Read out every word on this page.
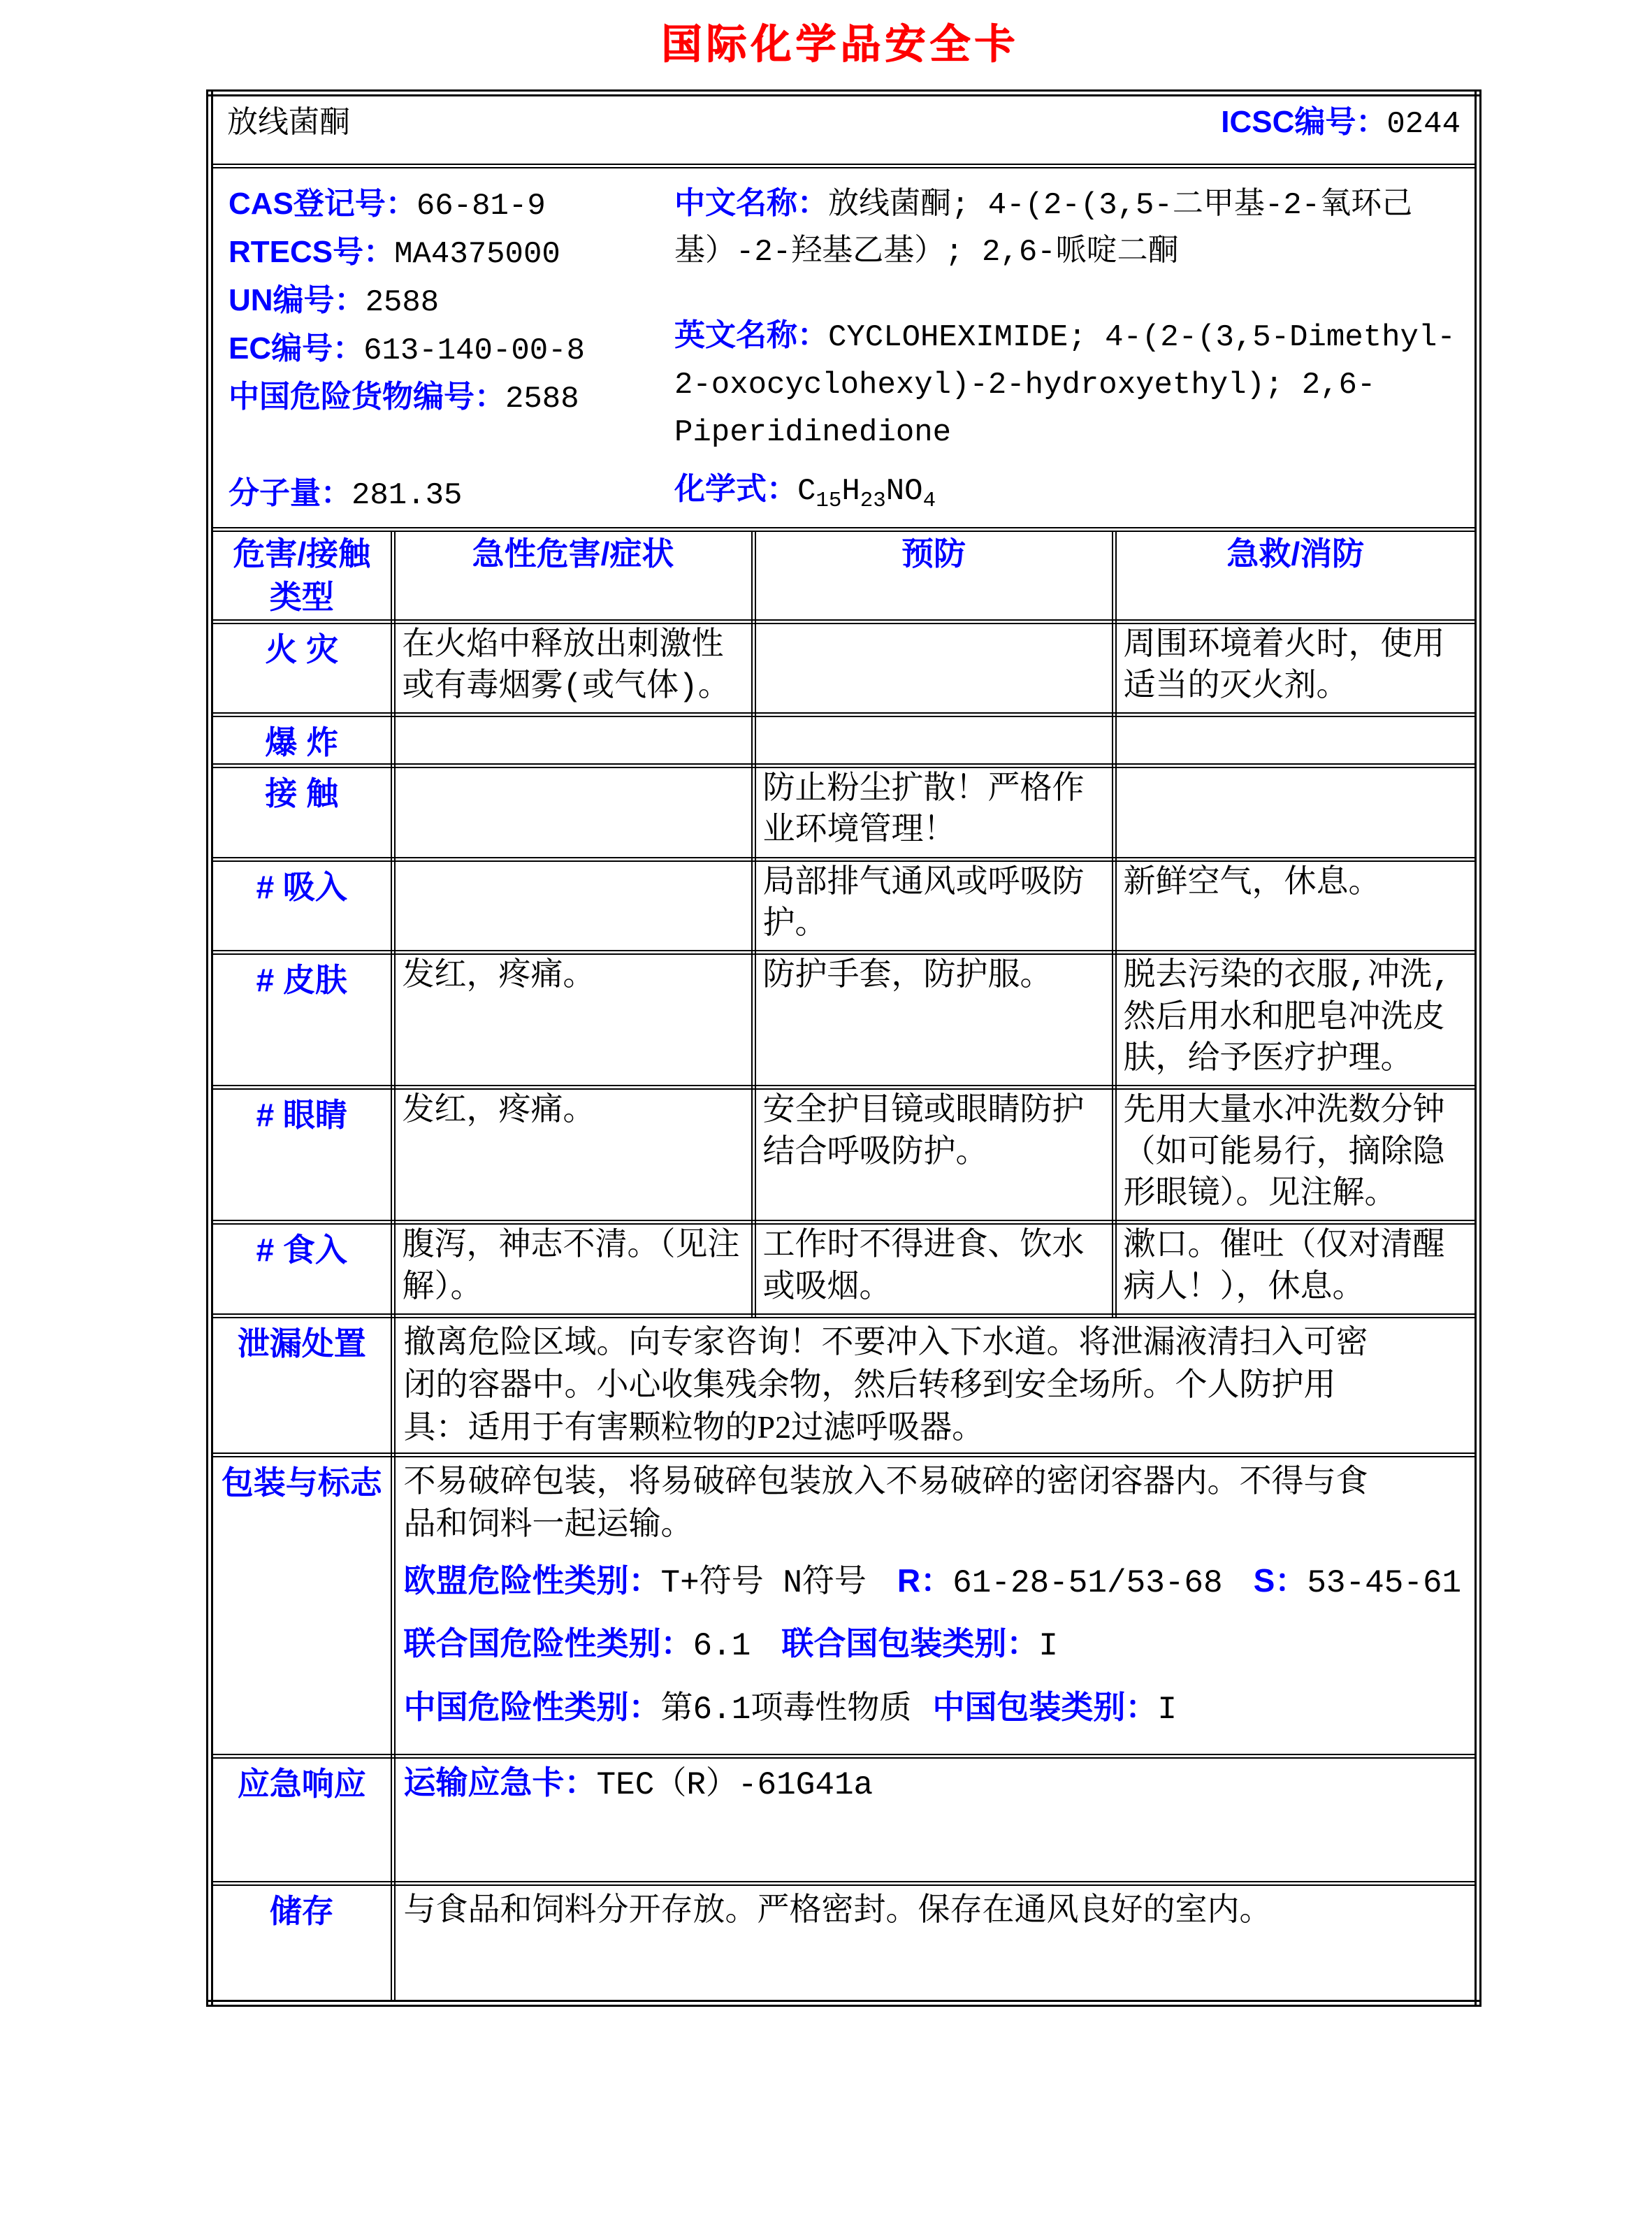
国际化学品安全卡
放线菌酮 ICSC编号：0244			

CAS登记号：66-81-9
RTECS号：MA4375000
UN编号：2588
EC编号：613-140-00-8
中国危险货物编号：2588

中文名称：放线菌酮; 4-(2-(3,5-二甲基-2-氧环己基）-2-羟基乙基）; 2,6-哌啶二酮

英文名称：CYCLOHEXIMIDE; 4-(2-(3,5-Dimethyl-2-oxocyclohexyl)-2-hydroxyethyl); 2,6-Piperidinedione

分子量：281.35	化学式：$C_{15}H_{23}NO_4$

危害/接触
类型	急性危害/症状	预防	急救/消防
火 灾	在火焰中释放出刺激性或有毒烟雾(或气体)。		周围环境着火时，使用适当的灭火剂。
爆 炸			
接 触		防止粉尘扩散！严格作业环境管理！	
# 吸入		局部排气通风或呼吸防护。	新鲜空气，休息。
# 皮肤	发红，疼痛。	防护手套，防护服。	脱去污染的衣服,冲洗,然后用水和肥皂冲洗皮肤，给予医疗护理。
# 眼睛	发红，疼痛。	安全护目镜或眼睛防护结合呼吸防护。	先用大量水冲洗数分钟（如可能易行，摘除隐形眼镜）。见注解。
# 食入	腹泻，神志不清。（见注解）。	工作时不得进食、饮水或吸烟。	漱口。催吐（仅对清醒病人！），休息。
泄漏处置	撤离危险区域。向专家咨询！不要冲入下水道。将泄漏液清扫入可密闭的容器中。小心收集残余物，然后转移到安全场所。个人防护用具：适用于有害颗粒物的P2过滤呼吸器。		
包装与标志	不易破碎包装，将易破碎包装放入不易破碎的密闭容器内。不得与食品和饲料一起运输。

欧盟危险性类别：T+符号 N符号 R：61-28-51/53-68 S：53-45-61

联合国危险性类别：6.1 联合国包装类别：I

中国危险性类别：第6.1项毒性物质 中国包装类别：I		

应急响应	运输应急卡：TEC（R）-61G41a		
储存	与食品和饲料分开存放。严格密封。保存在通风良好的室内。		
